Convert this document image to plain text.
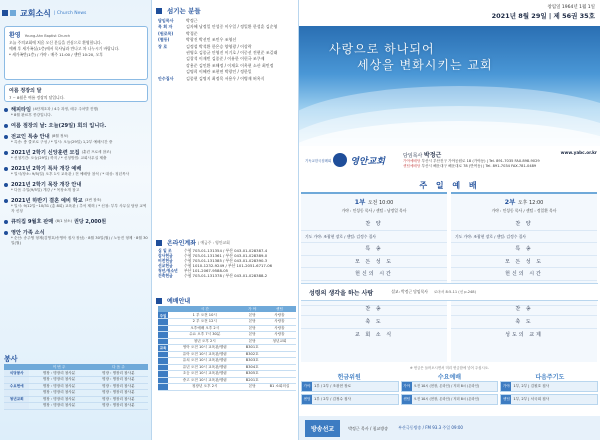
교회소식 | Church News
환영 Young-Ahn Baptist Church

오늘 주의교회에 처음 오신 분들을 진심으로 환영합니다.

예배 후 새가족실(1층)에서 목사님과 만나고 차 나누시기 바랍니다.

* 새가족반(1층) / 가야 : 매주 11:00 / 센탄 10:20, 오후

여름 정장의 달
7 ~ 8월은 여름 정장의 달입니다.
해피타임 (4단계초과 / 4주 과정, 매주 주차별 진행)
* 8월 완료후 종강입니다.
여름 점장의 날: 오늘(29일) 회의 입니다.
전교인 특송 안내 (8월 정보)
* 특송: 충 클조로 구성 / * 일시: 오늘(29일) 1,2부 예배시간 중
2021년 2학기 신앙훈련 모집 (훈련 프로세 참조)
* 신청기간: 오늘(29일) 까지 / * 신청방법: 교회사무실 제출
2021년 2학기 특차 개강 예배
* 일시/장소: 9/5(일) 오후 1시 교육관 / 전 예배당 참석 / * 대상: 청년목사
2021년 2학기 목장 개강 안내
* 다음 주일(9/5일) 개강 / * 목장소개 참고
2021년 하반기 결혼 예비 학교 (3번 참조)
* 일시: 9/12일~10/31 (총 8회) 교육관 / 추석 제외 / * 신청: 부부 사무실 담당 교역자 신청
큐티집 9월호 판매 (8/1 날소) 권당 2,000원
영안 가족 소식
* 순산: 송주영 형제(김영호/송영아 집사 장남) · 8월 30일(월) / 노동진 형제 · 8월 30일(월)
봉사
	이 번 주	다 음 주
식당봉사	명장 : 명장리 참사분	명장 : 명장리 참사분
	명장 : 명장리 참사분	명장 : 명장리 참사분
수요헌애	명장 : 명장리 참사분	명장 : 명장리 참사분
	명장 : 명장리 참사분	명장 : 명장리 참사분
청년교회	명장 : 명장리 참사분	명장 : 명장리 참사분
	명장 : 명장리 참사분	명장 : 명장리 참사분
섬기는 분들
담임목사	박정근
목 회 자	김자혜 남정일 안성중 이우일 / 정일환 한성훈 김순영
(원로목)	박경준
(협동)	박광진 박선민 조민우 조영선
장 로	김정섭 박석환 한은승 양영광 / 이상락
권영호 김종균 안영진 이기호 / 이중선 전현준 조길래
김창석 이재빈 김종준 / 이유한 이헌국 조쿠제
강용준 김인환 조해정 / 이재호 이옥현 소산 최민정
김명희 이혜란 조현연 박광인 / 정한일
안수집사	김종현 김명지 최정목 서용우 / 이병재 허옥식
온라인계좌 | 예금주 : 영안교회
십 일 조	수협 703-01-131354 / 부산 043-01-028387-4
감사헌금	수협 703-01-131361 / 부산 043-01-028389-0
비전헌금	수협 703-01-131385 / 부산 043-01-028390-3
선교헌금	수협 1010-1232-9249 / 부산 101-2051-6717-06
청년/청소년	부산 101-2067-9588-05
건축헌금	수협 703-01-131378 / 부산 043-01-028388-2
예배안내
	시 간	가 야	센텀
주일	1 부 오전 10시	본당	사랑홀
	2 부 오전 12시	본당	사랑홀
	오후예배 오후 2시	본당	사랑홀
	수요 오후 7시 30분	본당	사랑홀
	청년 오후 2시	본당	청년교회
교육	영아 오전 10시 교육관/엘림	B301호	
	유아 오전 10시 교육관/엘림	B302호	
	유치 오전 10시 교육관/엘림	B303호	
	유년 오전 10시 교육관/엘림	B304호	
	초등 오전 10시 교육관/엘림	B305호	
	중고 오전 10시 교육관/엘림	B201호	
	청장년 오후 2시	본당	B1 소회의실
창립일 1964년 1월 1일
2021년 8월 29일 | 제 56권 35호
사랑으로 하나되어
세상을 변화시키는 교회
기독교한국침례회 영안교회
담임목사 박정근	www.yabc.or.kr
가야예배당 부산시 부산진구 가야공원로 18 (가야동) | Tel. 891-7035 FAX.898-9029
센텀예배당 부산시 해운대구 해운대로 78 (반여동) | Tel. 891-7034 FAX.781-0489
주 일 예 배
1부 오전 10:00
가야 : 인성동 목사 / 센텀 : 남정일 목사
찬 양
기도 가야: 조광현 장로 / 센텀: 김정수 집사
특 송
모 든 성 도
헌신의 시간
2부 오후 12:00
가야 : 인성동 목사 / 센텀 : 정일환 목사
찬 양
기도 가야: 조광현 장로 / 센텀: 김정수 집사
특 송
모 든 성 도
헌신의 시간
성령의 생각을 하는 사람	설교: 박정근 담임목사 로마서 8:5-11 (신 p.248)
찬 송
축 도
교 회 소 식
찬 송
축 도
성도의 교제
※ 헌금은 들어오시면서 미리 헌금함에 넣어 주십시오.
헌금위원	수요예배	다음주기도
가야 1부 / 2부 / 조광현 장로
센텀 1부 / 2부 / 김정수 집사
가야	오전 10시 (현장, 온라인) / 저녁 8시 (온라인)
센텀	오전 10시 (현장, 온라인) / 저녁 8시 (온라인)
가야 1부, 2부 | 김원호 집사
센텀 1부, 2부 | 서국희 집사
방송선교	박정근 목사 / 침교방송	부산극동방송 / FM 93.3 주일 09:00
